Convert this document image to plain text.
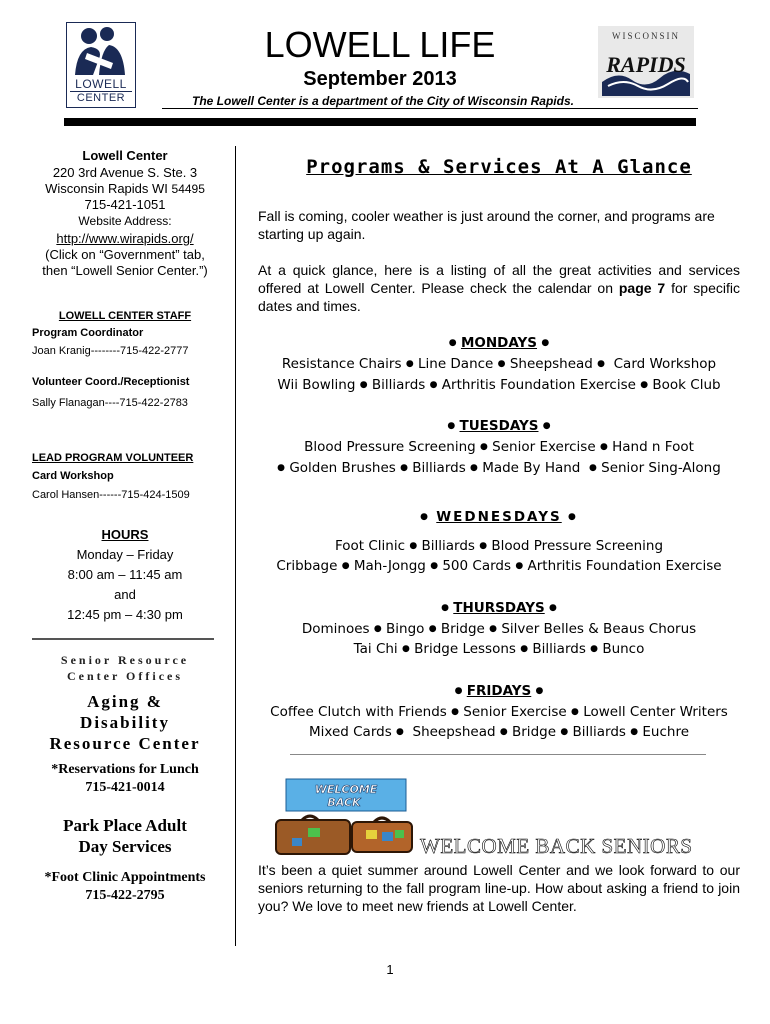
LOWELL
CENTER
LOWELL LIFE
September 2013
The Lowell Center is a department of the City of Wisconsin Rapids.
WISCONSIN
RAPIDS
Lowell Center
220 3rd Avenue S. Ste. 3
Wisconsin Rapids WI 54495
715-421-1051
Website Address:
http://www.wirapids.org/
(Click on “Government” tab,
then “Lowell Senior Center.”)
LOWELL CENTER STAFF
Program Coordinator
Joan Kranig--------715-422-2777
Volunteer Coord./Receptionist
Sally Flanagan----715-422-2783
LEAD PROGRAM VOLUNTEER
Card Workshop
Carol Hansen------715-424-1509
HOURS
Monday – Friday
8:00 am – 11:45 am
and
12:45 pm – 4:30 pm
Senior Resource
Center Offices
Aging &
Disability
Resource Center
*Reservations for Lunch
715-421-0014
Park Place Adult
Day Services
*Foot Clinic Appointments
715-422-2795
Programs & Services At A Glance
Fall is coming, cooler weather is just around the corner, and programs are starting up again.
At a quick glance, here is a listing of all the great activities and services offered at Lowell Center. Please check the calendar on page 7 for specific dates and times.
● MONDAYS ●
Resistance Chairs ● Line Dance ● Sheepshead ● Card Workshop
Wii Bowling ● Billiards ● Arthritis Foundation Exercise ● Book Club
● TUESDAYS ●
Blood Pressure Screening ● Senior Exercise ● Hand n Foot
● Golden Brushes ● Billiards ● Made By Hand ● Senior Sing-Along
● WEDNESDAYS ●
Foot Clinic ● Billiards ● Blood Pressure Screening
Cribbage ● Mah-Jongg ● 500 Cards ● Arthritis Foundation Exercise
● THURSDAYS ●
Dominoes ● Bingo ● Bridge ● Silver Belles & Beaus Chorus
Tai Chi ● Bridge Lessons ● Billiards ● Bunco
● FRIDAYS ●
Coffee Clutch with Friends ● Senior Exercise ● Lowell Center Writers
Mixed Cards ● Sheepshead ● Bridge ● Billiards ● Euchre
WELCOME
BACK
WELCOME BACK SENIORS
It’s been a quiet summer around Lowell Center and we look forward to our seniors returning to the fall program line-up. How about asking a friend to join you? We love to meet new friends at Lowell Center.
1
